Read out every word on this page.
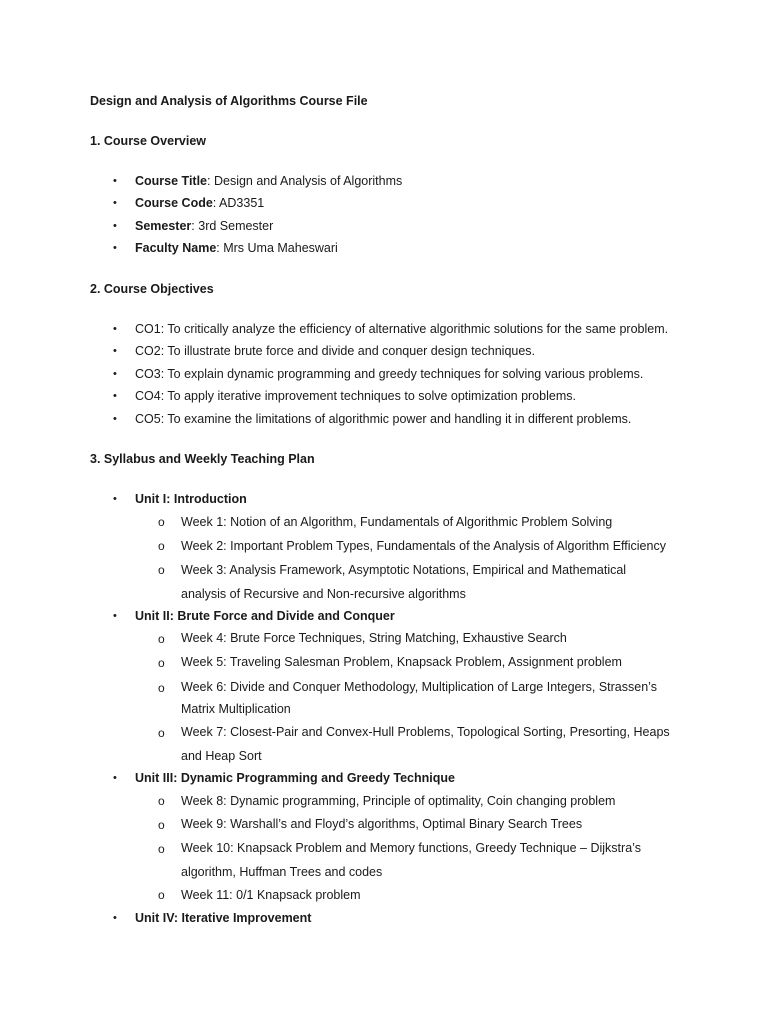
Design and Analysis of Algorithms Course File
1. Course Overview
• Course Title: Design and Analysis of Algorithms
• Course Code: AD3351
• Semester: 3rd Semester
• Faculty Name: Mrs Uma Maheswari
2. Course Objectives
• CO1: To critically analyze the efficiency of alternative algorithmic solutions for the same problem.
• CO2: To illustrate brute force and divide and conquer design techniques.
• CO3: To explain dynamic programming and greedy techniques for solving various problems.
• CO4: To apply iterative improvement techniques to solve optimization problems.
• CO5: To examine the limitations of algorithmic power and handling it in different problems.
3. Syllabus and Weekly Teaching Plan
• Unit I: Introduction
o Week 1: Notion of an Algorithm, Fundamentals of Algorithmic Problem Solving
o Week 2: Important Problem Types, Fundamentals of the Analysis of Algorithm Efficiency
o Week 3: Analysis Framework, Asymptotic Notations, Empirical and Mathematical
analysis of Recursive and Non-recursive algorithms
• Unit II: Brute Force and Divide and Conquer
o Week 4: Brute Force Techniques, String Matching, Exhaustive Search
o Week 5: Traveling Salesman Problem, Knapsack Problem, Assignment problem
o Week 6: Divide and Conquer Methodology, Multiplication of Large Integers, Strassen’s
Matrix Multiplication
o Week 7: Closest-Pair and Convex-Hull Problems, Topological Sorting, Presorting, Heaps
and Heap Sort
• Unit III: Dynamic Programming and Greedy Technique
o Week 8: Dynamic programming, Principle of optimality, Coin changing problem
o Week 9: Warshall’s and Floyd’s algorithms, Optimal Binary Search Trees
o Week 10: Knapsack Problem and Memory functions, Greedy Technique – Dijkstra’s
algorithm, Huffman Trees and codes
o Week 11: 0/1 Knapsack problem
• Unit IV: Iterative Improvement
